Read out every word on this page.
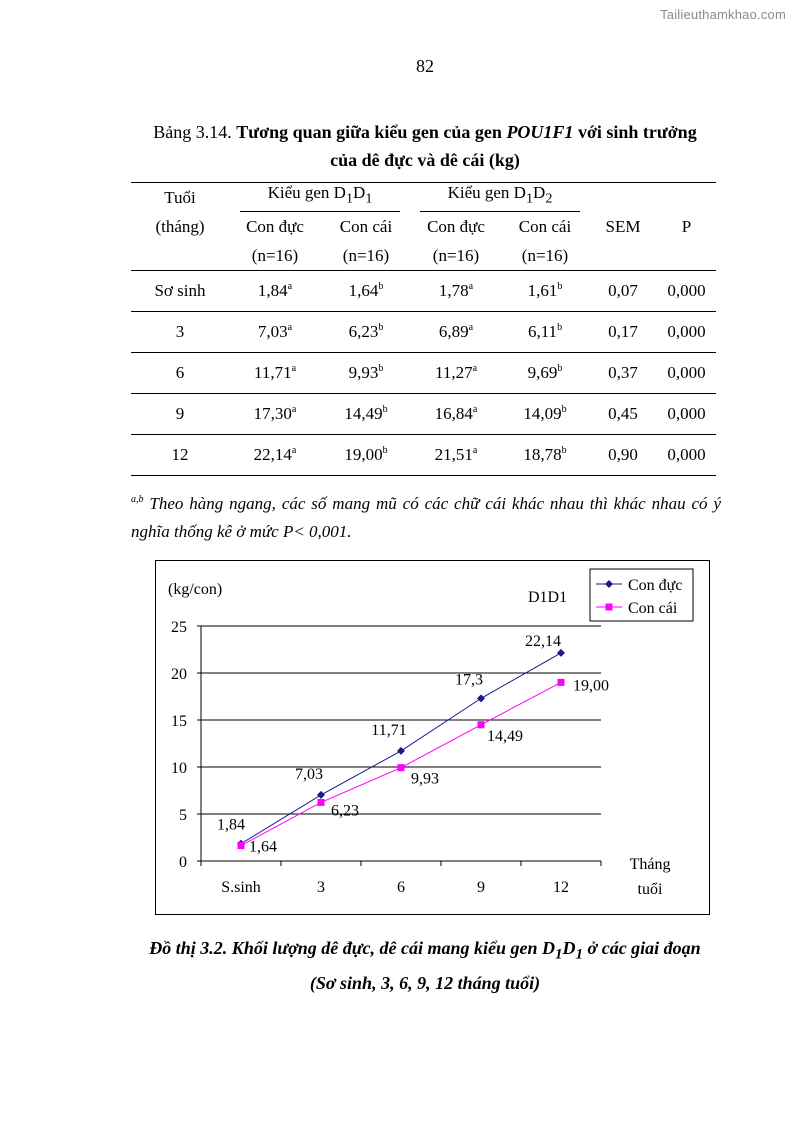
Tailieuthamkhao.com
82
Bảng 3.14. Tương quan giữa kiểu gen của gen POU1F1 với sinh trưởng
của dê đực và dê cái (kg)
Tuổi	Kiểu gen $D_1D_1$		Kiểu gen $D_1D_2$		SEM	P
(tháng)	Con đực	Con cái	Con đực	Con cái		
	(n=16)	(n=16)	(n=16)	(n=16)		
Sơ sinh	1,84$^a$	1,64$^b$	1,78$^a$	1,61$^b$	0,07	0,000
3	7,03$^a$	6,23$^b$	6,89$^a$	6,11$^b$	0,17	0,000
6	11,71$^a$	9,93$^b$	11,27$^a$	9,69$^b$	0,37	0,000
9	17,30$^a$	14,49$^b$	16,84$^a$	14,09$^b$	0,45	0,000
12	22,14$^a$	19,00$^b$	21,51$^a$	18,78$^b$	0,90	0,000
$^{a,b}$ Theo hàng ngang, các số mang mũ có các chữ cái khác nhau thì khác nhau có ý nghĩa thống kê ở mức P< 0,001.
0
5
10
15
20
25
S.sinh	3	6	9	12
(kg/con)	D1D1
Tháng
tuổi
1,84
7,03
11,71
17,3
22,14
1,64
6,23
9,93
14,49
19,00
Con đực
Con cái
Đồ thị 3.2. Khối lượng dê đực, dê cái mang kiểu gen $D_1D_1$ ở các giai đoạn
(Sơ sinh, 3, 6, 9, 12 tháng tuổi)
